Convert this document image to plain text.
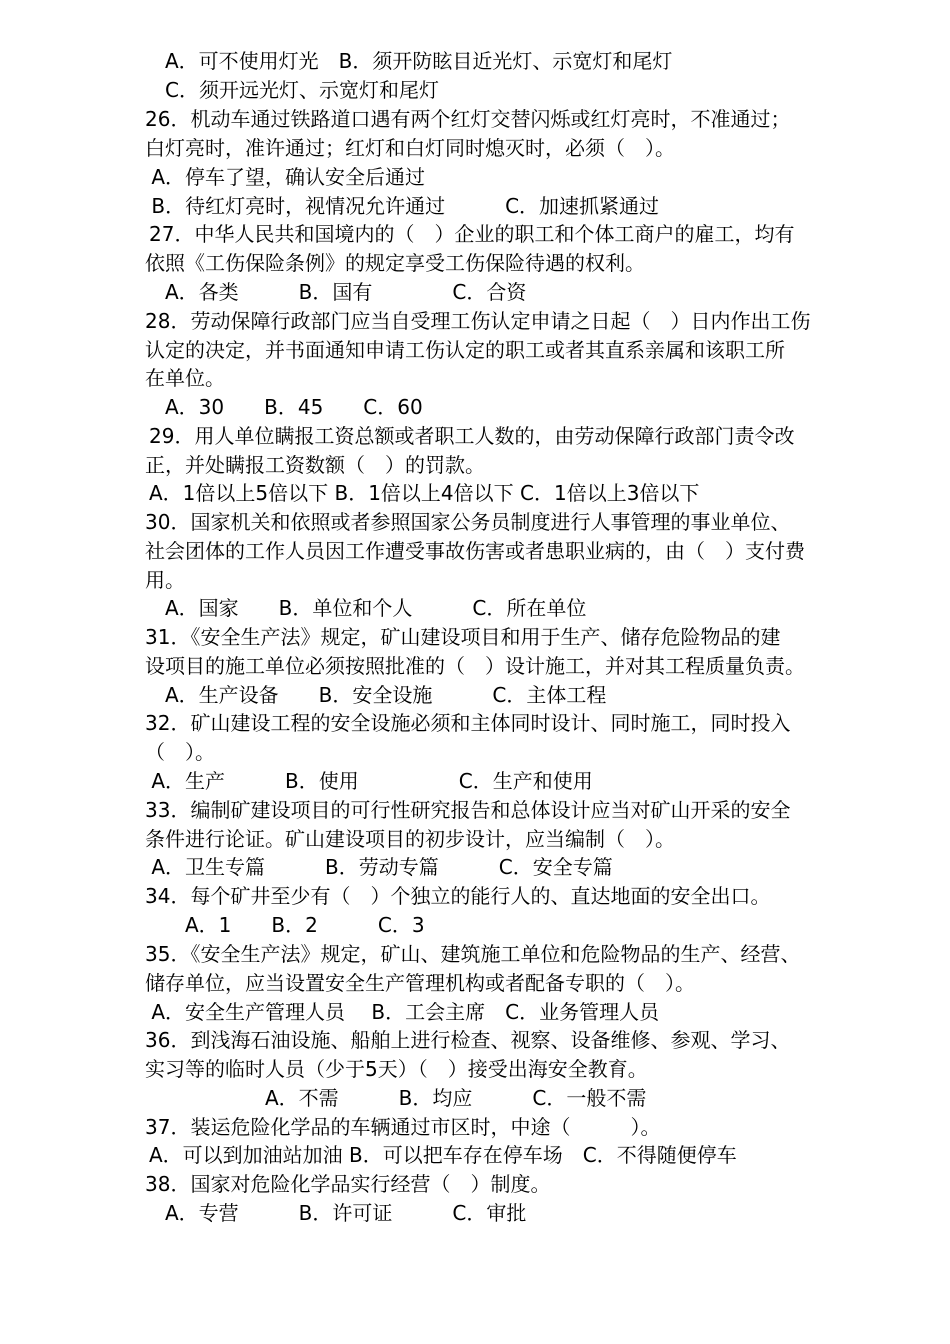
　A．可不使用灯光　B．须开防眩目近光灯、示宽灯和尾灯

　C．须开远光灯、示宽灯和尾灯

26．机动车通过铁路道口遇有两个红灯交替闪烁或红灯亮时，不准通过；

白灯亮时，准许通过；红灯和白灯同时熄灭时，必须（　）。

A．停车了望，确认安全后通过

B．待红灯亮时，视情况允许通过　　　C．加速抓紧通过

27．中华人民共和国境内的（　）企业的职工和个体工商户的雇工，均有

依照《工伤保险条例》的规定享受工伤保险待遇的权利。

　A．各类　　　B．国有　　　　C．合资

28．劳动保障行政部门应当自受理工伤认定申请之日起（　）日内作出工伤

认定的决定，并书面通知申请工伤认定的职工或者其直系亲属和该职工所

在单位。

　A．30　　B．45　　C．60

29．用人单位瞒报工资总额或者职工人数的，由劳动保障行政部门责令改

正，并处瞒报工资数额（　）的罚款。

A．1倍以上5倍以下 B．1倍以上4倍以下 C．1倍以上3倍以下

30．国家机关和依照或者参照国家公务员制度进行人事管理的事业单位、

社会团体的工作人员因工作遭受事故伤害或者患职业病的，由（　）支付费

用。

　A．国家　　B．单位和个人　　　C．所在单位

31．《安全生产法》规定，矿山建设项目和用于生产、储存危险物品的建

设项目的施工单位必须按照批准的（　）设计施工，并对其工程质量负责。

　A．生产设备　　B．安全设施　　　C．主体工程

32．矿山建设工程的安全设施必须和主体同时设计、同时施工，同时投入

（　）。

A．生产　　　B．使用　　　　　C．生产和使用

33．编制矿建设项目的可行性研究报告和总体设计应当对矿山开采的安全

条件进行论证。矿山建设项目的初步设计，应当编制（　）。

A．卫生专篇　　　B．劳动专篇　　　C．安全专篇

34．每个矿井至少有（　）个独立的能行人的、直达地面的安全出口。

　　A．1　　B．2　　　C．3

35．《安全生产法》规定，矿山、建筑施工单位和危险物品的生产、经营、

储存单位，应当设置安全生产管理机构或者配备专职的（　）。

A．安全生产管理人员　 B．工会主席　C．业务管理人员

36．到浅海石油设施、船舶上进行检查、视察、设备维修、参观、学习、

实习等的临时人员（少于5天）（　）接受出海安全教育。

　　　　　　A．不需　　　B．均应　　　C．一般不需

37．装运危险化学品的车辆通过市区时，中途（　　　）。

A．可以到加油站加油 B．可以把车存在停车场　C．不得随便停车

38．国家对危险化学品实行经营（　）制度。

　A．专营　　　B．许可证　　　C．审批
